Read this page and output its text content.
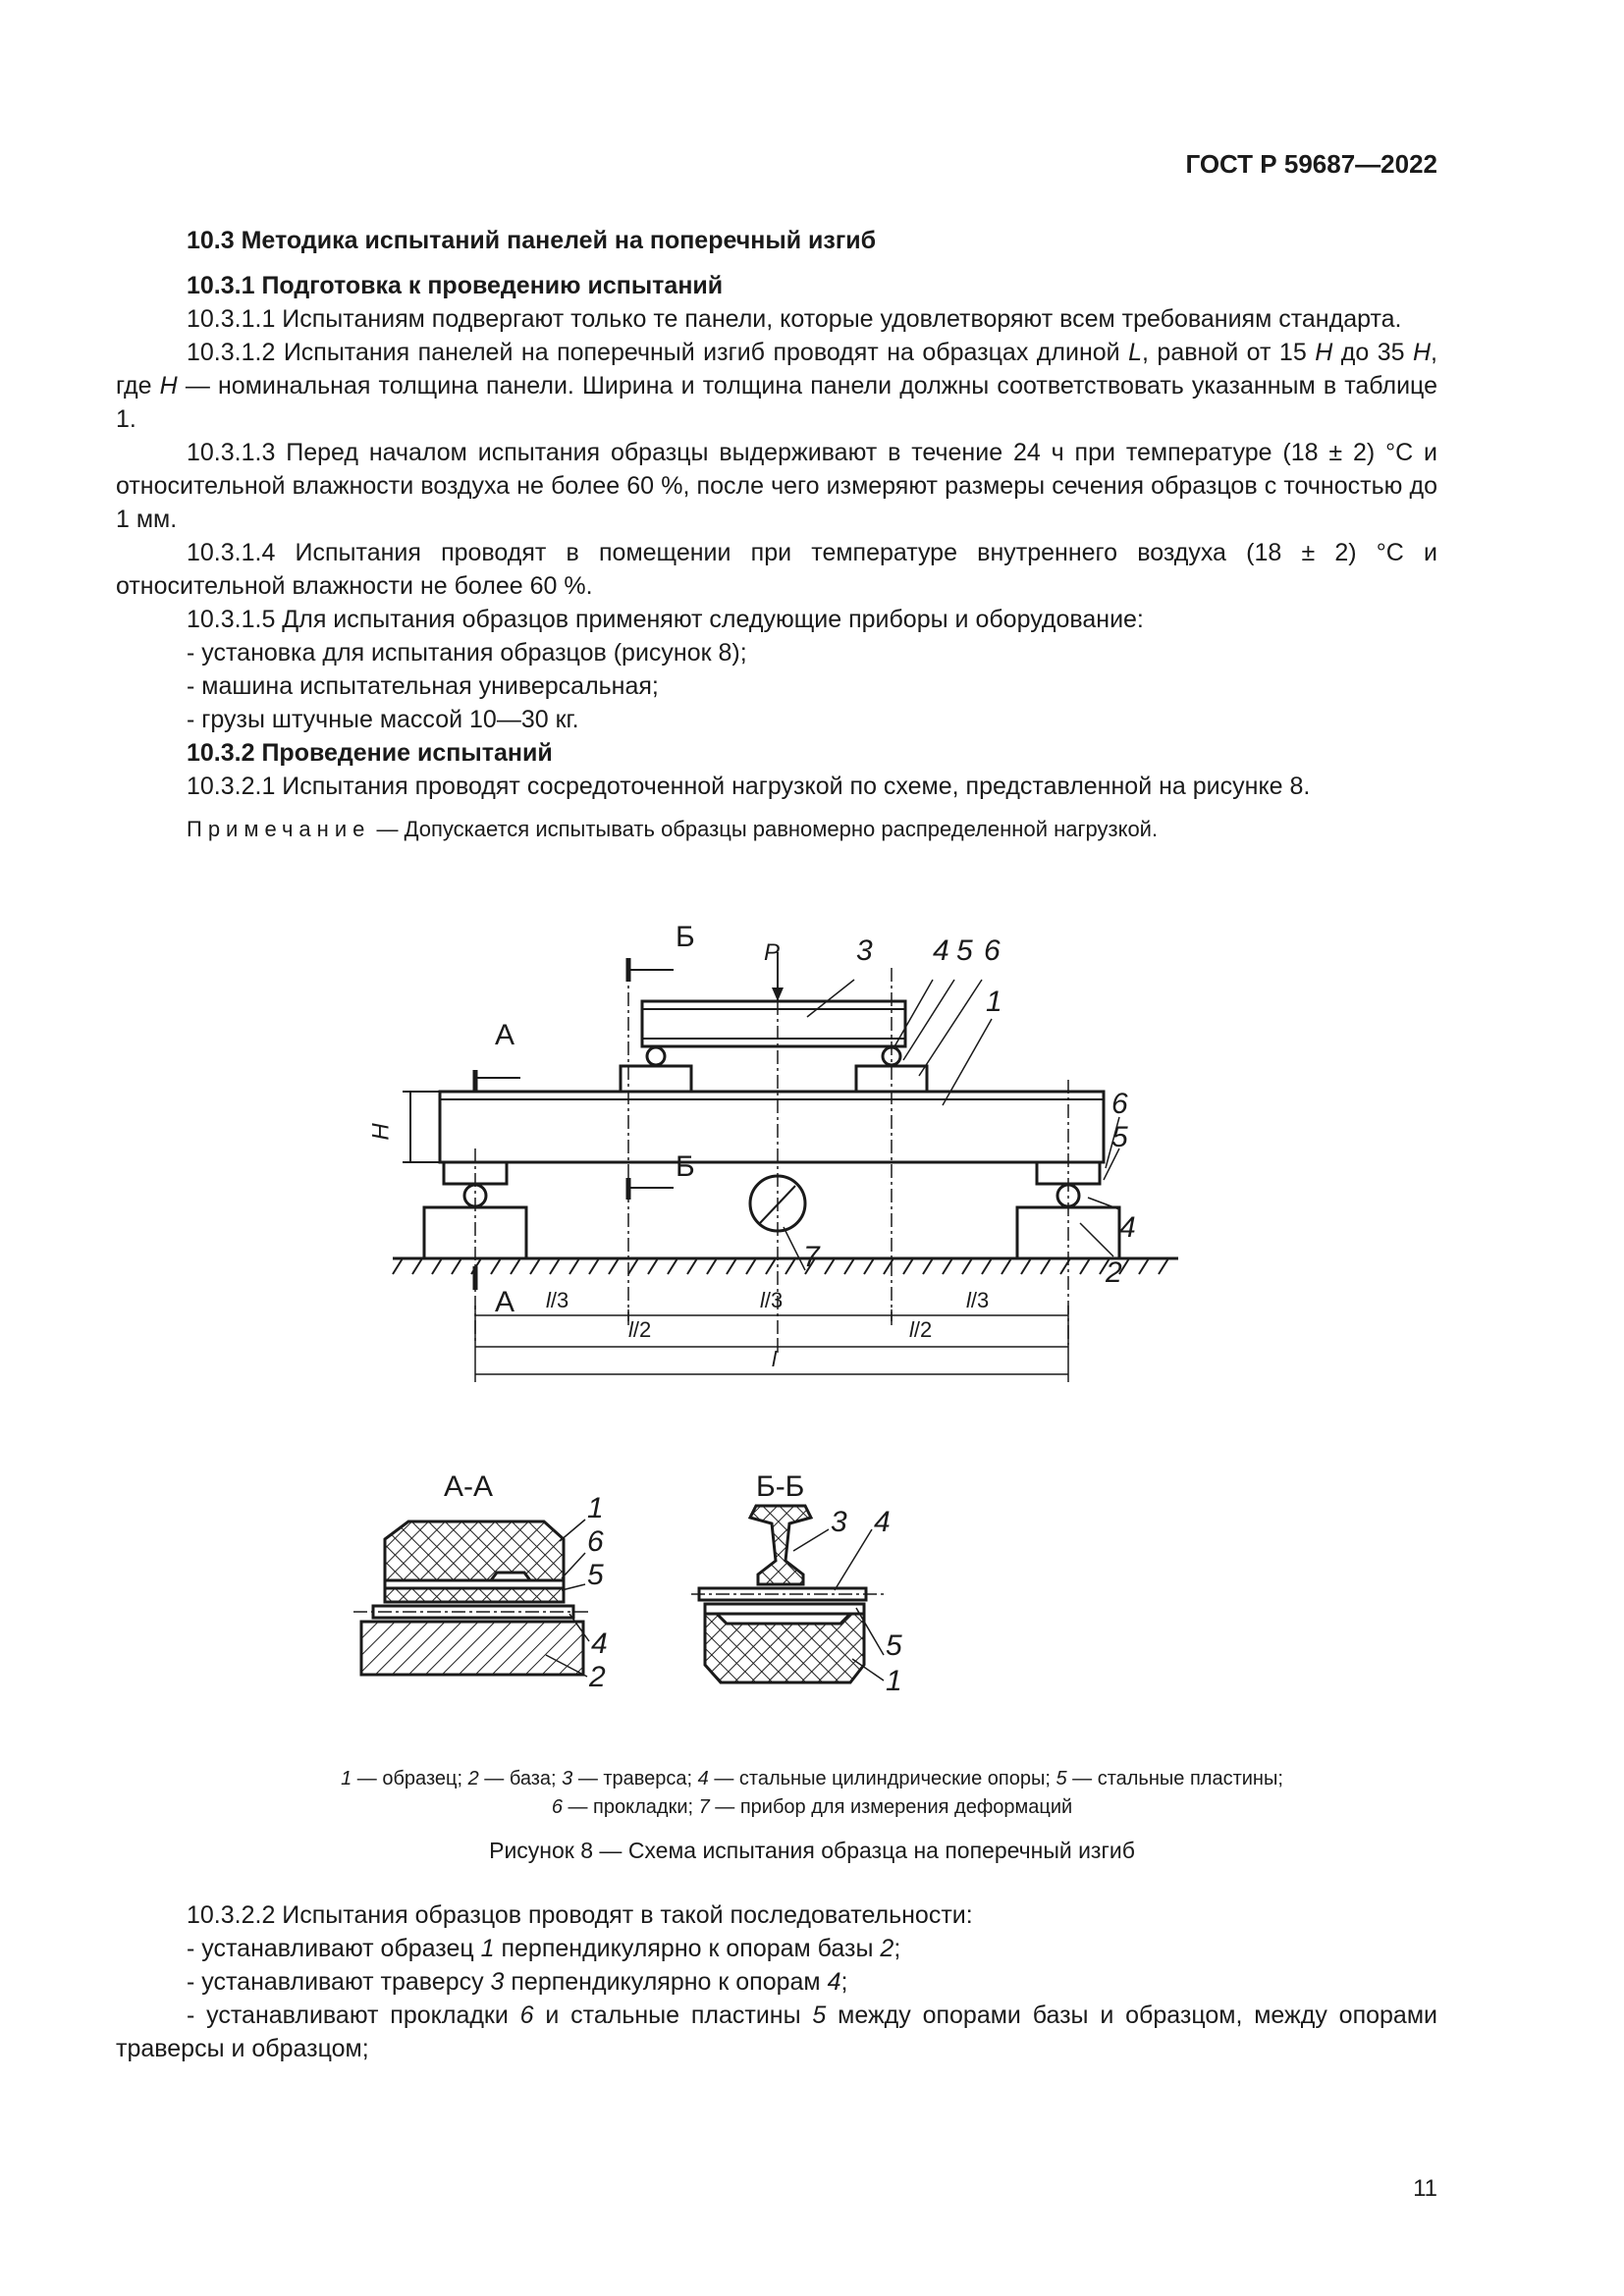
ГОСТ Р 59687—2022

10.3 Методика испытаний панелей на поперечный изгиб

10.3.1 Подготовка к проведению испытаний

10.3.1.1 Испытаниям подвергают только те панели, которые удовлетворяют всем требованиям стандарта.

10.3.1.2 Испытания панелей на поперечный изгиб проводят на образцах длиной L, равной от 15 H до 35 H, где H — номинальная толщина панели. Ширина и толщина панели должны соответствовать указанным в таблице 1.

10.3.1.3 Перед началом испытания образцы выдерживают в течение 24 ч при температуре (18 ± 2) °С и относительной влажности воздуха не более 60 %, после чего измеряют размеры сечения образцов с точностью до 1 мм.

10.3.1.4 Испытания проводят в помещении при температуре внутреннего воздуха (18 ± 2) °С и относительной влажности не более 60 %.

10.3.1.5 Для испытания образцов применяют следующие приборы и оборудование:

- установка для испытания образцов (рисунок 8);

- машина испытательная универсальная;

- грузы штучные массой 10—30 кг.

10.3.2 Проведение испытаний

10.3.2.1 Испытания проводят сосредоточенной нагрузкой по схеме, представленной на рисунке 8.

Примечание — Допускается испытывать образцы равномерно распределенной нагрузкой.

P
Б
Б
А
А
H
3 4 5 6
1
6
5
4
2
7
l/3	l/3	l/3
l/2	l/2
l
А-А	Б-Б
1
6
5
4
2
3 4
5
1
1 — образец; 2 — база; 3 — траверса; 4 — стальные цилиндрические опоры; 5 — стальные пластины;
6 — прокладки; 7 — прибор для измерения деформаций
Рисунок 8 — Схема испытания образца на поперечный изгиб

10.3.2.2 Испытания образцов проводят в такой последовательности:

- устанавливают образец 1 перпендикулярно к опорам базы 2;

- устанавливают траверсу 3 перпендикулярно к опорам 4;

- устанавливают прокладки 6 и стальные пластины 5 между опорами базы и образцом, между опорами траверсы и образцом;

11
